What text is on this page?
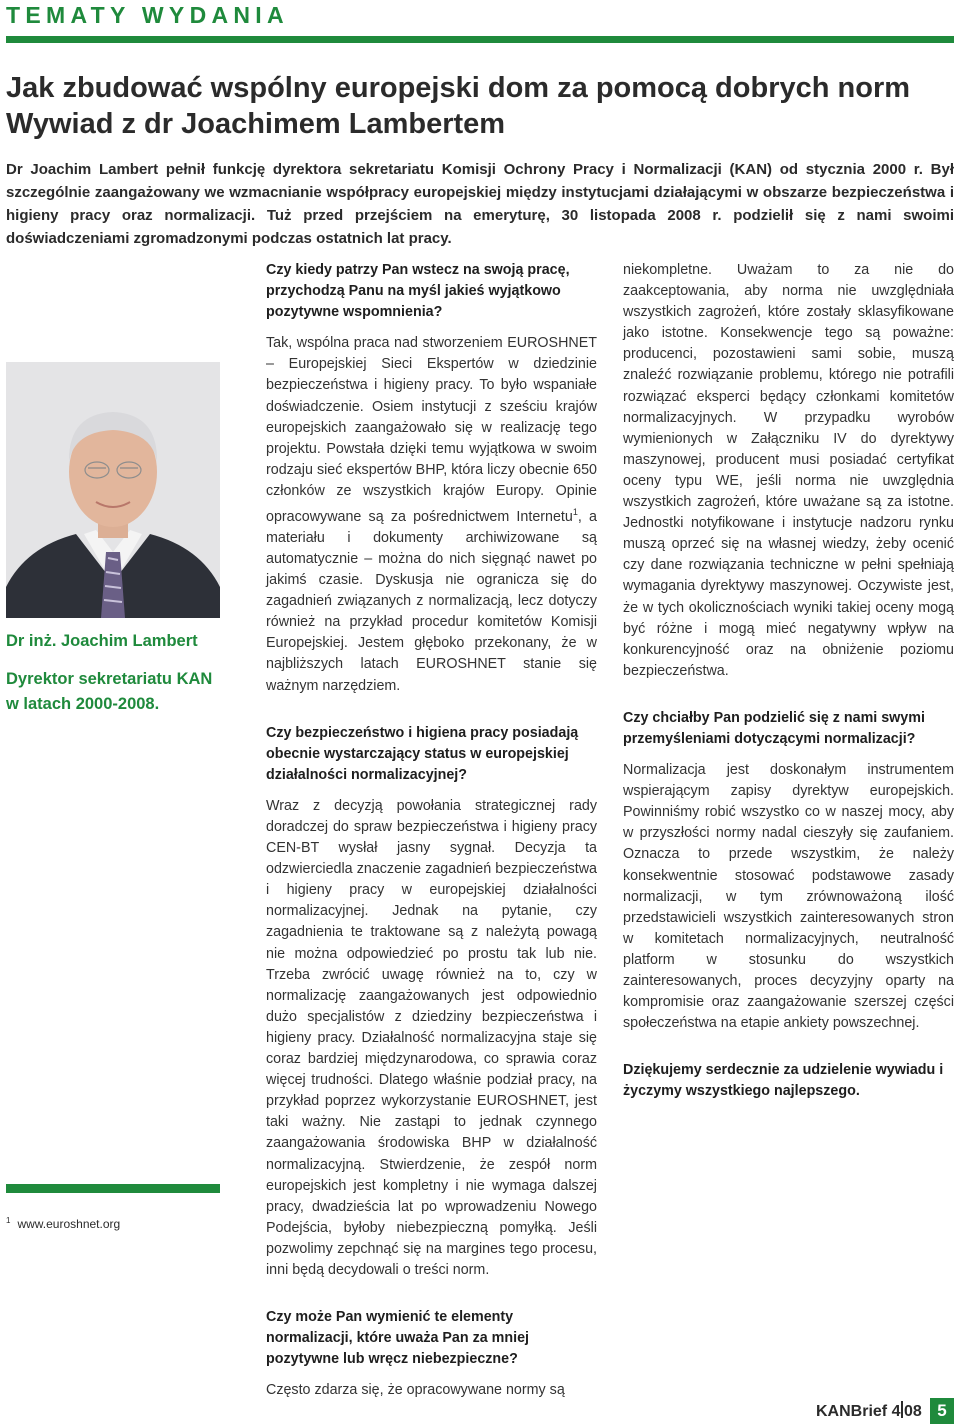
TEMATY WYDANIA
Jak zbudować wspólny europejski dom za pomocą dobrych norm
Wywiad z dr Joachimem Lambertem

Dr Joachim Lambert pełnił funkcję dyrektora sekretariatu Komisji Ochrony Pracy i Normalizacji (KAN) od stycznia 2000 r. Był szczególnie zaangażowany we wzmacnianie współpracy europejskiej między instytucjami działającymi w obszarze bezpieczeństwa i higieny pracy oraz normalizacji. Tuż przed przejściem na emeryturę, 30 listopada 2008 r. podzielił się z nami swoimi doświadczeniami zgromadzonymi podczas ostatnich lat pracy.

Dr inż. Joachim Lambert

Dyrektor sekretariatu KAN w latach 2000-2008.

$^1$ www.euroshnet.org

Czy kiedy patrzy Pan wstecz na swoją pracę, przychodzą Panu na myśl jakieś wyjątkowo pozytywne wspomnienia?

Tak, wspólna praca nad stworzeniem EUROSHNET – Europejskiej Sieci Ekspertów w dziedzinie bezpieczeństwa i higieny pracy. To było wspaniałe doświadczenie. Osiem instytucji z sześciu krajów europejskich zaangażowało się w realizację tego projektu. Powstała dzięki temu wyjątkowa w swoim rodzaju sieć ekspertów BHP, która liczy obecnie 650 członków ze wszystkich krajów Europy. Opinie opracowywane są za pośrednictwem Internetu$^1$, a materiału i dokumenty archiwizowane są automatycznie – można do nich sięgnąć nawet po jakimś czasie. Dyskusja nie ogranicza się do zagadnień związanych z normalizacją, lecz dotyczy również na przykład procedur komitetów Komisji Europejskiej. Jestem głęboko przekonany, że w najbliższych latach EUROSHNET stanie się ważnym narzędziem.

Czy bezpieczeństwo i higiena pracy posiadają obecnie wystarczający status w europejskiej działalności normalizacyjnej?

Wraz z decyzją powołania strategicznej rady doradczej do spraw bezpieczeństwa i higieny pracy CEN-BT wysłał jasny sygnał. Decyzja ta odzwierciedla znaczenie zagadnień bezpieczeństwa i higieny pracy w europejskiej działalności normalizacyjnej. Jednak na pytanie, czy zagadnienia te traktowane są z należytą powagą nie można odpowiedzieć po prostu tak lub nie. Trzeba zwrócić uwagę również na to, czy w normalizację zaangażowanych jest odpowiednio dużo specjalistów z dziedziny bezpieczeństwa i higieny pracy. Działalność normalizacyjna staje się coraz bardziej międzynarodowa, co sprawia coraz więcej trudności. Dlatego właśnie podział pracy, na przykład poprzez wykorzystanie EUROSHNET, jest taki ważny. Nie zastąpi to jednak czynnego zaangażowania środowiska BHP w działalność normalizacyjną. Stwierdzenie, że zespół norm europejskich jest kompletny i nie wymaga dalszej pracy, dwadzieścia lat po wprowadzeniu Nowego Podejścia, byłoby niebezpieczną pomyłką. Jeśli pozwolimy zepchnąć się na margines tego procesu, inni będą decydowali o treści norm.

Czy może Pan wymienić te elementy normalizacji, które uważa Pan za mniej pozytywne lub wręcz niebezpieczne?

Często zdarza się, że opracowywane normy są

niekompletne. Uważam to za nie do zaakceptowania, aby norma nie uwzględniała wszystkich zagrożeń, które zostały sklasyfikowane jako istotne. Konsekwencje tego są poważne: producenci, pozostawieni sami sobie, muszą znaleźć rozwiązanie problemu, którego nie potrafili rozwiązać eksperci będący członkami komitetów normalizacyjnych. W przypadku wyrobów wymienionych w Załączniku IV do dyrektywy maszynowej, producent musi posiadać certyfikat oceny typu WE, jeśli norma nie uwzględnia wszystkich zagrożeń, które uważane są za istotne. Jednostki notyfikowane i instytucje nadzoru rynku muszą oprzeć się na własnej wiedzy, żeby ocenić czy dane rozwiązania techniczne w pełni spełniają wymagania dyrektywy maszynowej. Oczywiste jest, że w tych okolicznościach wyniki takiej oceny mogą być różne i mogą mieć negatywny wpływ na konkurencyjność oraz na obniżenie poziomu bezpieczeństwa.

Czy chciałby Pan podzielić się z nami swymi przemyśleniami dotyczącymi normalizacji?

Normalizacja jest doskonałym instrumentem wspierającym zapisy dyrektyw europejskich. Powinniśmy robić wszystko co w naszej mocy, aby w przyszłości normy nadal cieszyły się zaufaniem. Oznacza to przede wszystkim, że należy konsekwentnie stosować podstawowe zasady normalizacji, w tym zrównoważoną ilość przedstawicieli wszystkich zainteresowanych stron w komitetach normalizacyjnych, neutralność platform w stosunku do wszystkich zainteresowanych, proces decyzyjny oparty na kompromisie oraz zaangażowanie szerszej części społeczeństwa na etapie ankiety powszechnej.

Dziękujemy serdecznie za udzielenie wywiadu i życzymy wszystkiego najlepszego.

KANBrief 4 08 5
